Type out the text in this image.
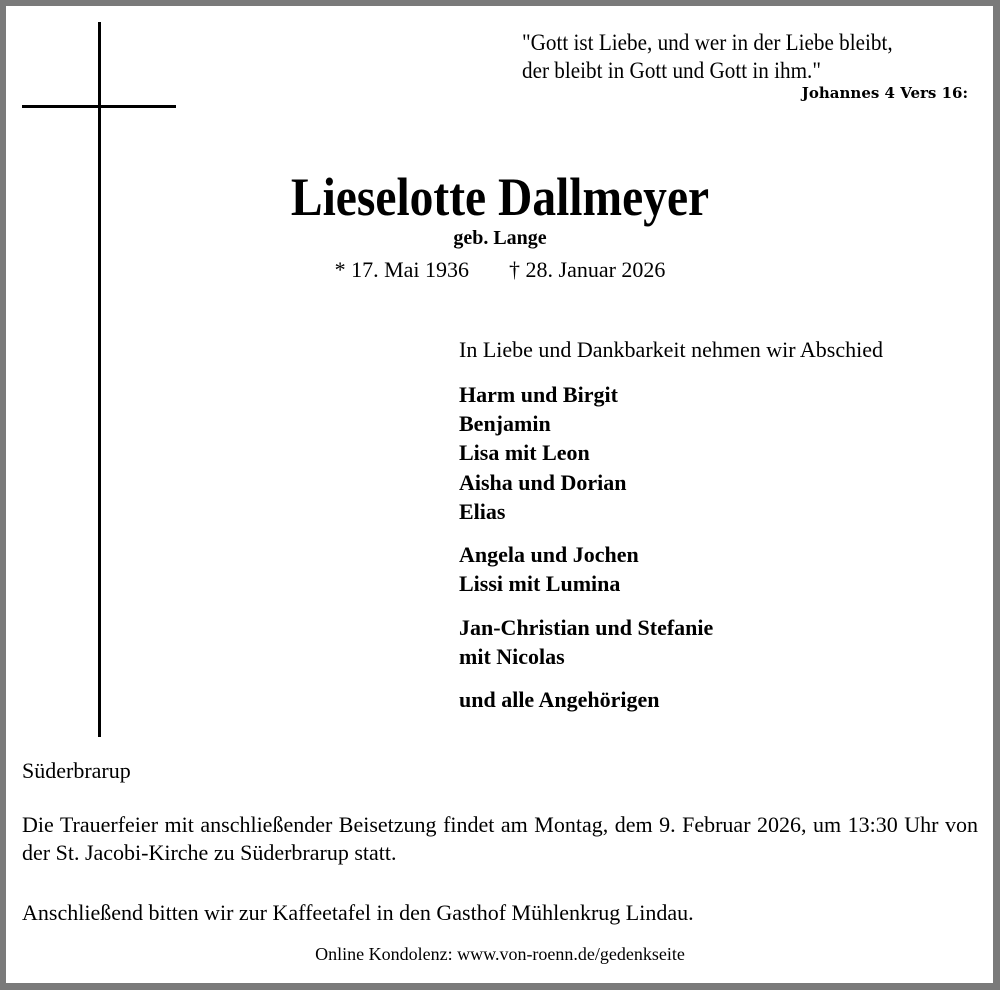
"Gott ist Liebe, und wer in der Liebe bleibt,
der bleibt in Gott und Gott in ihm."
Johannes 4 Vers 16:
Lieselotte Dallmeyer
geb. Lange
* 17. Mai 1936 † 28. Januar 2026
In Liebe und Dankbarkeit nehmen wir Abschied
Harm und Birgit
Benjamin
Lisa mit Leon
Aisha und Dorian
Elias
Angela und Jochen
Lissi mit Lumina
Jan-Christian und Stefanie
mit Nicolas
und alle Angehörigen
Süderbrarup
Die Trauerfeier mit anschließender Beisetzung findet am Montag, dem 9. Februar 2026, um 13:30 Uhr von der St. Jacobi-Kirche zu Süderbrarup statt.
Anschließend bitten wir zur Kaffeetafel in den Gasthof Mühlenkrug Lindau.
Online Kondolenz: www.von-roenn.de/gedenkseite
